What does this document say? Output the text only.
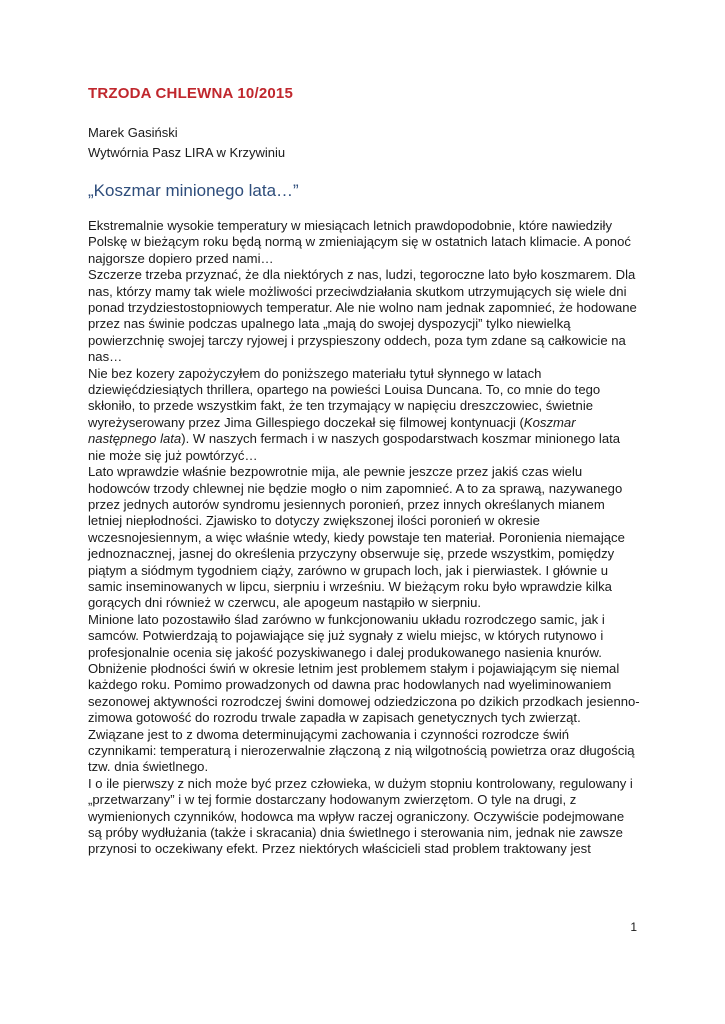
TRZODA CHLEWNA 10/2015

Marek Gasiński

Wytwórnia Pasz LIRA w Krzywiniu

„Koszmar minionego lata…”

Ekstremalnie wysokie temperatury w miesiącach letnich prawdopodobnie, które nawiedziły Polskę w bieżącym roku będą normą w zmieniającym się w ostatnich latach klimacie. A ponoć najgorsze dopiero przed nami…

Szczerze trzeba przyznać, że dla niektórych z nas, ludzi, tegoroczne lato było koszmarem. Dla nas, którzy mamy tak wiele możliwości przeciwdziałania skutkom utrzymujących się wiele dni ponad trzydziestostopniowych temperatur. Ale nie wolno nam jednak zapomnieć, że hodowane przez nas świnie podczas upalnego lata „mają do swojej dyspozycji” tylko niewielką powierzchnię swojej tarczy ryjowej i przyspieszony oddech, poza tym zdane są całkowicie na nas…

Nie bez kozery zapożyczyłem do poniższego materiału tytuł słynnego w latach dziewięćdziesiątych thrillera, opartego na powieści Louisa Duncana. To, co mnie do tego skłoniło, to przede wszystkim fakt, że ten trzymający w napięciu dreszczowiec, świetnie wyreżyserowany przez Jima Gillespiego doczekał się filmowej kontynuacji (Koszmar następnego lata). W naszych fermach i w naszych gospodarstwach koszmar minionego lata nie może się już powtórzyć…

Lato wprawdzie właśnie bezpowrotnie mija, ale pewnie jeszcze przez jakiś czas wielu hodowców trzody chlewnej nie będzie mogło o nim zapomnieć. A to za sprawą, nazywanego przez jednych autorów syndromu jesiennych poronień, przez innych określanych mianem letniej niepłodności. Zjawisko to dotyczy zwiększonej ilości poronień w okresie wczesnojesiennym, a więc właśnie wtedy, kiedy powstaje ten materiał. Poronienia niemające jednoznacznej, jasnej do określenia przyczyny obserwuje się, przede wszystkim, pomiędzy piątym a siódmym tygodniem ciąży, zarówno w grupach loch, jak i pierwiastek. I głównie u samic inseminowanych w lipcu, sierpniu i wrześniu. W bieżącym roku było wprawdzie kilka gorących dni również w czerwcu, ale apogeum nastąpiło w sierpniu.

Minione lato pozostawiło ślad zarówno w funkcjonowaniu układu rozrodczego samic, jak i samców. Potwierdzają to pojawiające się już sygnały z wielu miejsc, w których rutynowo i profesjonalnie ocenia się jakość pozyskiwanego i dalej produkowanego nasienia knurów.

Obniżenie płodności świń w okresie letnim jest problemem stałym i pojawiającym się niemal każdego roku. Pomimo prowadzonych od dawna prac hodowlanych nad wyeliminowaniem sezonowej aktywności rozrodczej świni domowej odziedziczona po dzikich przodkach jesienno-zimowa gotowość do rozrodu trwale zapadła w zapisach genetycznych tych zwierząt. Związane jest to z dwoma determinującymi zachowania i czynności rozrodcze świń czynnikami: temperaturą i nierozerwalnie złączoną z nią wilgotnością powietrza oraz długością tzw. dnia świetlnego.

I o ile pierwszy z nich może być przez człowieka, w dużym stopniu kontrolowany, regulowany i „przetwarzany” i w tej formie dostarczany hodowanym zwierzętom. O tyle na drugi, z wymienionych czynników, hodowca ma wpływ raczej ograniczony. Oczywiście podejmowane są próby wydłużania (także i skracania) dnia świetlnego i sterowania nim, jednak nie zawsze przynosi to oczekiwany efekt. Przez niektórych właścicieli stad problem traktowany jest

1
